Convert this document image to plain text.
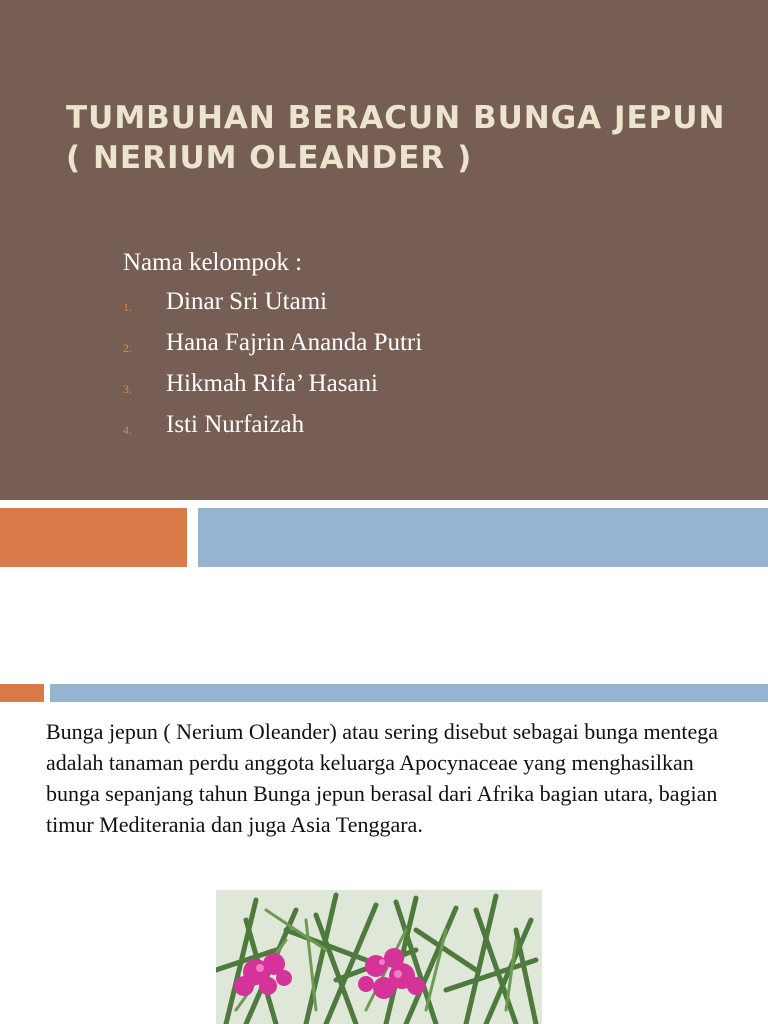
TUMBUHAN BERACUN BUNGA JEPUN ( NERIUM OLEANDER )
Nama kelompok :
1.	Dinar Sri Utami
2.	Hana Fajrin Ananda Putri
3.	Hikmah Rifa’ Hasani
4.	Isti Nurfaizah

Bunga jepun ( Nerium Oleander) atau sering disebut sebagai bunga mentega adalah tanaman perdu anggota keluarga Apocynaceae yang menghasilkan bunga sepanjang tahun Bunga jepun berasal dari Afrika bagian utara, bagian timur Mediterania dan juga Asia Tenggara.
